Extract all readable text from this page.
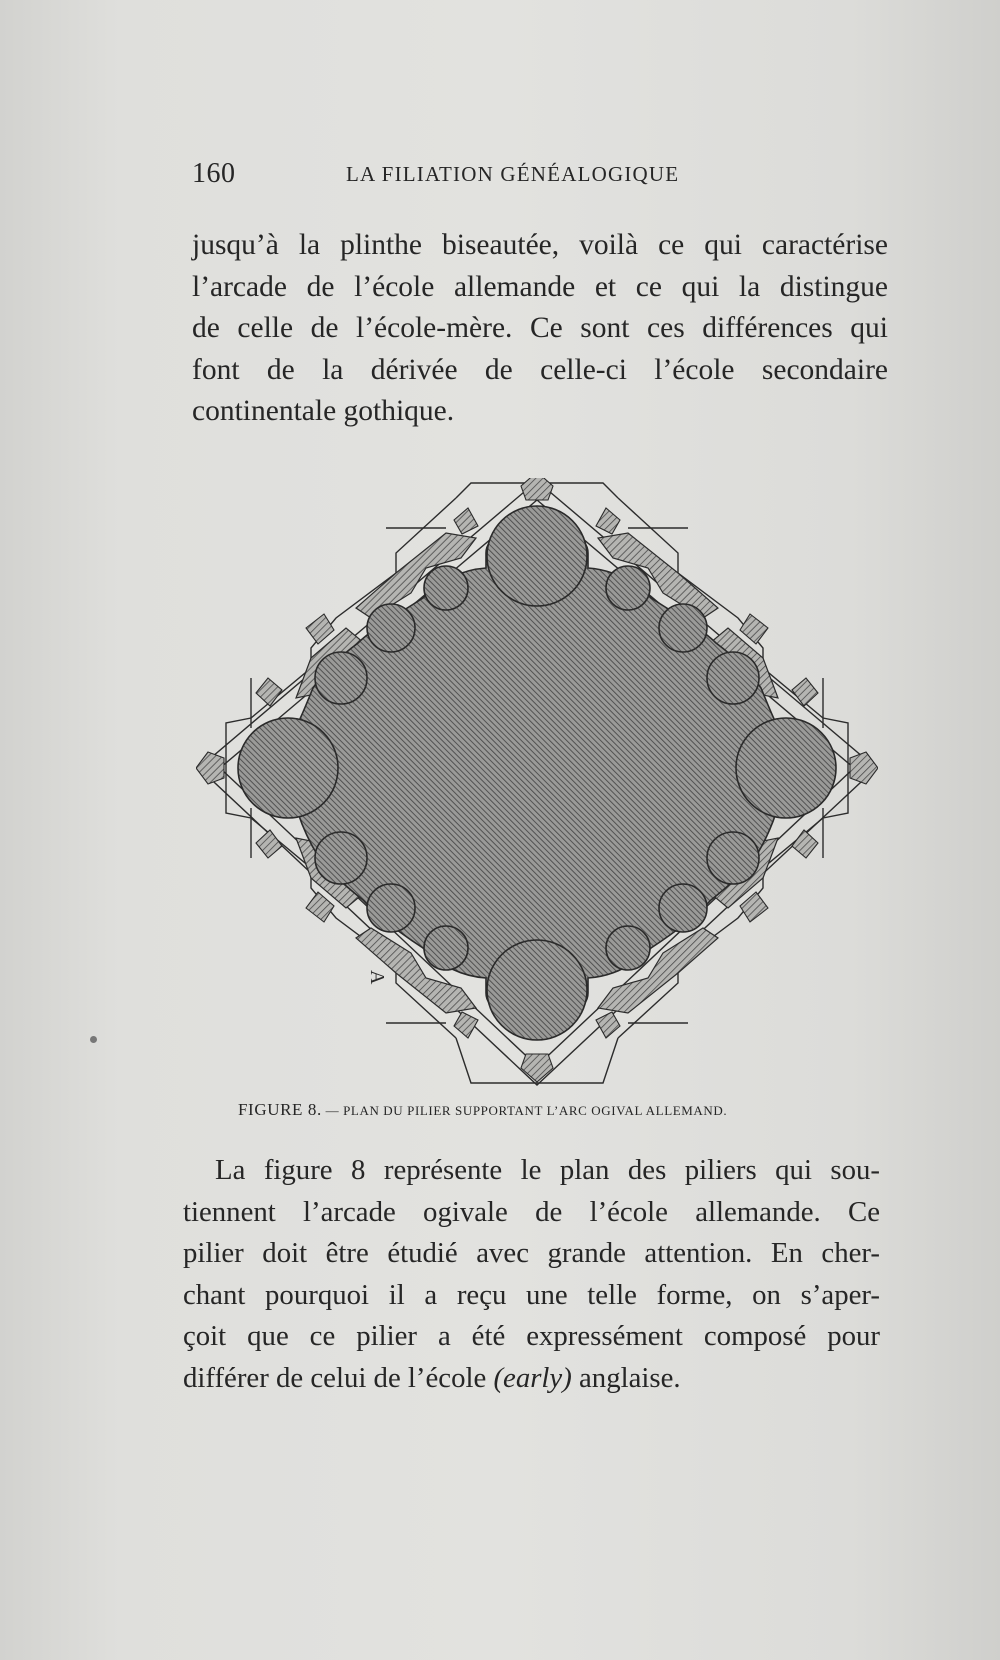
160	LA FILIATION GÉNÉALOGIQUE
jusqu’à la plinthe biseautée, voilà ce qui caractérise
l’arcade de l’école allemande et ce qui la distingue
de celle de l’école-mère. Ce sont ces différences qui
font de la dérivée de celle-ci l’école secondaire
continentale gothique.
A
FIGURE 8. — PLAN DU PILIER SUPPORTANT L’ARC OGIVAL ALLEMAND.
La figure 8 représente le plan des piliers qui sou-
tiennent l’arcade ogivale de l’école allemande. Ce
pilier doit être étudié avec grande attention. En cher-
chant pourquoi il a reçu une telle forme, on s’aper-
çoit que ce pilier a été expressément composé pour
différer de celui de l’école (early) anglaise.
